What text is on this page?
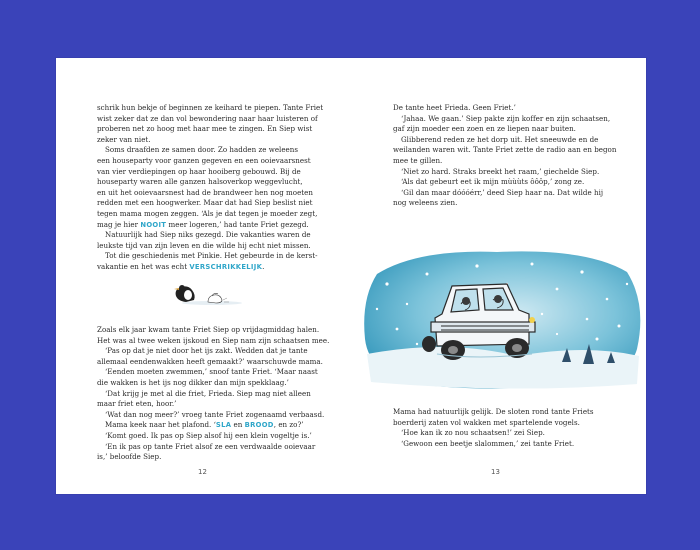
schrik hun bekje of beginnen ze keihard te piepen. Tante Friet

wist zeker dat ze dan vol bewondering naar haar luisteren of

proberen net zo hoog met haar mee te zingen. En Siep wist

zeker van niet.

Soms draafden ze samen door. Zo hadden ze weleens

een houseparty voor ganzen gegeven en een ooievaarsnest

van vier verdiepingen op haar hooiberg gebouwd. Bij de

houseparty waren alle ganzen halsoverkop weggevlucht,

en uit het ooievaarsnest had de brandweer hen nog moeten

redden met een hoogwerker. Maar dat had Siep beslist niet

tegen mama mogen zeggen. ‘Als je dat tegen je moeder zegt,

mag je hier NOOIT meer logeren,’ had tante Friet gezegd.

Natuurlijk had Siep niks gezegd. Die vakanties waren de

leukste tijd van zijn leven en die wilde hij echt niet missen.

Tot die geschiedenis met Pinkie. Het gebeurde in de kerst-

vakantie en het was echt VERSCHRIKKELIJK.

Zoals elk jaar kwam tante Friet Siep op vrijdagmiddag halen.

Het was al twee weken ijskoud en Siep nam zijn schaatsen mee.

‘Pas op dat je niet door het ijs zakt. Wedden dat je tante

allemaal eendenwakken heeft gemaakt?’ waarschuwde mama.

‘Eenden moeten zwemmen,’ snoof tante Friet. ‘Maar naast

die wakken is het ijs nog dikker dan mijn spekklaag.’

‘Dat krijg je met al die friet, Frieda. Siep mag niet alleen

maar friet eten, hoor.’

‘Wat dan nog meer?’ vroeg tante Friet zogenaamd verbaasd.

Mama keek naar het plafond. ‘SLA en BROOD, en zo?’

‘Komt goed. Ik pas op Siep alsof hij een klein vogeltje is.’

‘En ik pas op tante Friet alsof ze een verdwaalde ooievaar

is,’ beloofde Siep.

12

De tante heet Frieda. Geen Friet.’

‘Jahaa. We gaan.’ Siep pakte zijn koffer en zijn schaatsen,

gaf zijn moeder een zoen en ze liepen naar buiten.

Glibberend reden ze het dorp uit. Het sneeuwde en de

weilanden waren wit. Tante Friet zette de radio aan en begon

mee te gillen.

‘Niet zo hard. Straks breekt het raam,’ giechelde Siep.

‘Als dat gebeurt eet ik mijn mùùùts ôôôp,’ zong ze.

‘Gil dan maar dóóóérr,’ deed Siep haar na. Dat wilde hij

nog weleens zien.

Mama had natuurlijk gelijk. De sloten rond tante Friets

boerderij zaten vol wakken met spartelende vogels.

‘Hoe kan ik zo nou schaatsen!’ zei Siep.

‘Gewoon een beetje slalommen,’ zei tante Friet.

13
